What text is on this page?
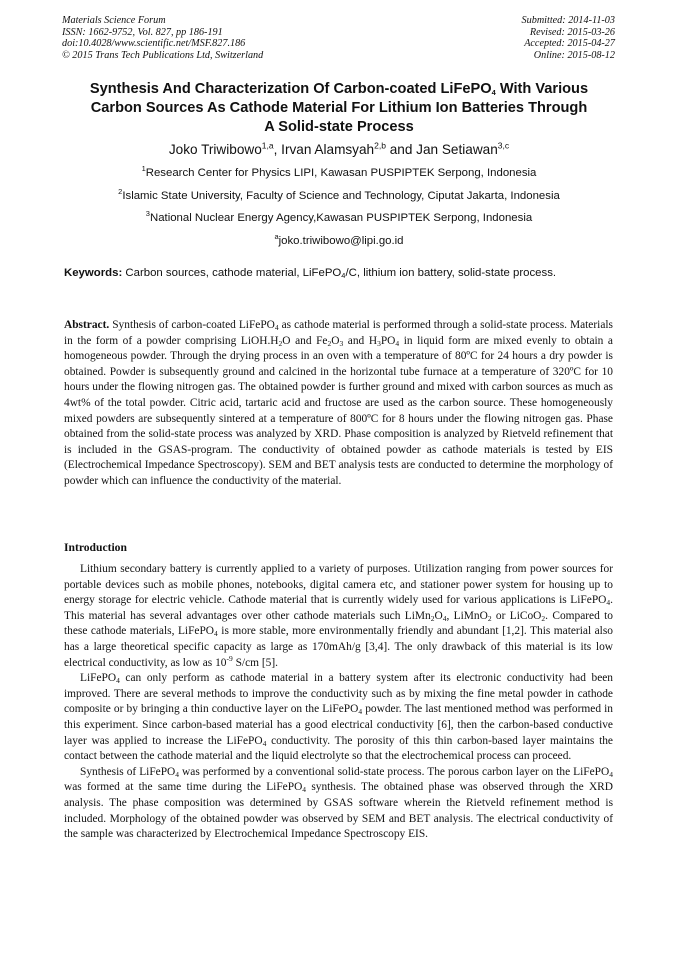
Materials Science Forum
ISSN: 1662-9752, Vol. 827, pp 186-191
doi:10.4028/www.scientific.net/MSF.827.186
© 2015 Trans Tech Publications Ltd, Switzerland
Submitted: 2014-11-03
Revised: 2015-03-26
Accepted: 2015-04-27
Online: 2015-08-12
Synthesis And Characterization Of Carbon-coated LiFePO$_4$ With Various
Carbon Sources As Cathode Material For Lithium Ion Batteries Through
A Solid-state Process
Joko Triwibowo$^{1,a}$, Irvan Alamsyah$^{2,b}$ and Jan Setiawan$^{3,c}$
$^1$Research Center for Physics LIPI, Kawasan PUSPIPTEK Serpong, Indonesia
$^2$Islamic State University, Faculty of Science and Technology, Ciputat Jakarta, Indonesia
$^3$National Nuclear Energy Agency,Kawasan PUSPIPTEK Serpong, Indonesia
$^a$joko.triwibowo@lipi.go.id
Keywords: Carbon sources, cathode material, LiFePO$_4$/C, lithium ion battery, solid-state process.

Abstract. Synthesis of carbon-coated LiFePO$_4$ as cathode material is performed through a solid-state process. Materials in the form of a powder comprising $LiOH.H_2O$ and $Fe_2O_3$ and $H_3PO_4$ in liquid form are mixed evenly to obtain a homogeneous powder. Through the drying process in an oven with a temperature of 80ºC for 24 hours a dry powder is obtained. Powder is subsequently ground and calcined in the horizontal tube furnace at a temperature of 320ºC for 10 hours under the flowing nitrogen gas. The obtained powder is further ground and mixed with carbon sources as much as 4wt% of the total powder. Citric acid, tartaric acid and fructose are used as the carbon source. These homogeneously mixed powders are subsequently sintered at a temperature of 800ºC for 8 hours under the flowing nitrogen gas. Phase obtained from the solid-state process was analyzed by XRD. Phase composition is analyzed by Rietveld refinement that is included in the GSAS-program. The conductivity of obtained powder as cathode materials is tested by EIS (Electrochemical Impedance Spectroscopy). SEM and BET analysis tests are conducted to determine the morphology of powder which can influence the conductivity of the material.

Introduction

Lithium secondary battery is currently applied to a variety of purposes. Utilization ranging from power sources for portable devices such as mobile phones, notebooks, digital camera etc, and stationer power system for housing up to energy storage for electric vehicle. Cathode material that is currently widely used for various applications is LiFePO$_4$. This material has several advantages over other cathode materials such $LiMn_2O_4$, LiMnO$_2$ or LiCoO$_2$. Compared to these cathode materials, LiFePO$_4$ is more stable, more environmentally friendly and abundant [1,2]. This material also has a large theoretical specific capacity as large as 170mAh/g [3,4]. The only drawback of this material is its low electrical conductivity, as low as $10^{-9}$ S/cm [5].

LiFePO$_4$ can only perform as cathode material in a battery system after its electronic conductivity had been improved. There are several methods to improve the conductivity such as by mixing the fine metal powder in cathode composite or by bringing a thin conductive layer on the LiFePO$_4$ powder. The last mentioned method was performed in this experiment. Since carbon-based material has a good electrical conductivity [6], then the carbon-based conductive layer was applied to increase the LiFePO$_4$ conductivity. The porosity of this thin carbon-based layer maintains the contact between the cathode material and the liquid electrolyte so that the electrochemical process can proceed.

Synthesis of LiFePO$_4$ was performed by a conventional solid-state process. The porous carbon layer on the LiFePO$_4$ was formed at the same time during the LiFePO$_4$ synthesis. The obtained phase was observed through the XRD analysis. The phase composition was determined by GSAS software wherein the Rietveld refinement method is included. Morphology of the obtained powder was observed by SEM and BET analysis. The electrical conductivity of the sample was characterized by Electrochemical Impedance Spectroscopy EIS.
